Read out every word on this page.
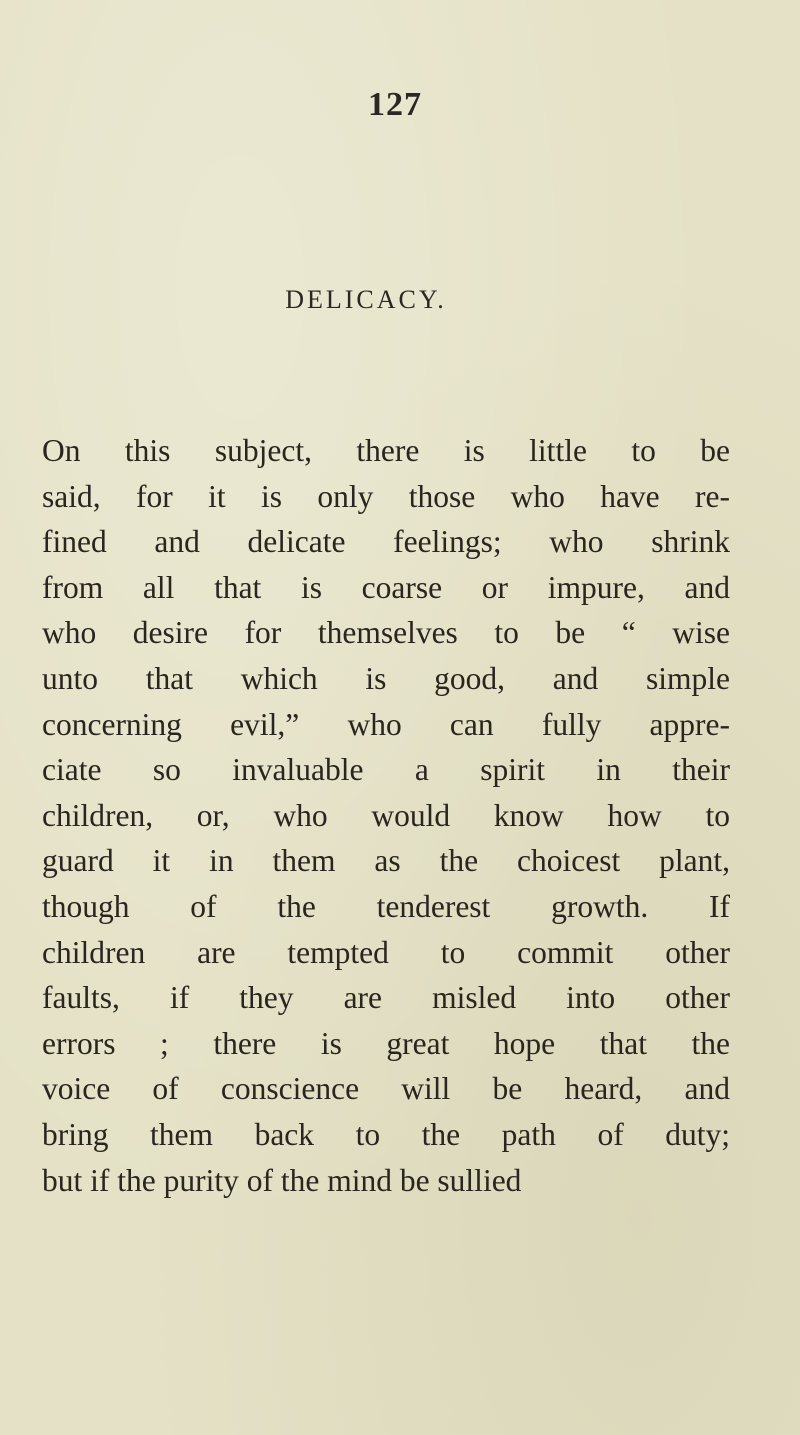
127
DELICACY.
On this subject, there is little to be
said, for it is only those who have re-
fined and delicate feelings; who shrink
from all that is coarse or impure, and
who desire for themselves to be “ wise
unto that which is good, and simple
concerning evil,” who can fully appre-
ciate so invaluable a spirit in their
children, or, who would know how to
guard it in them as the choicest plant,
though of the tenderest growth. If
children are tempted to commit other
faults, if they are misled into other
errors ; there is great hope that the
voice of conscience will be heard, and
bring them back to the path of duty;
but if the purity of the mind be sullied
